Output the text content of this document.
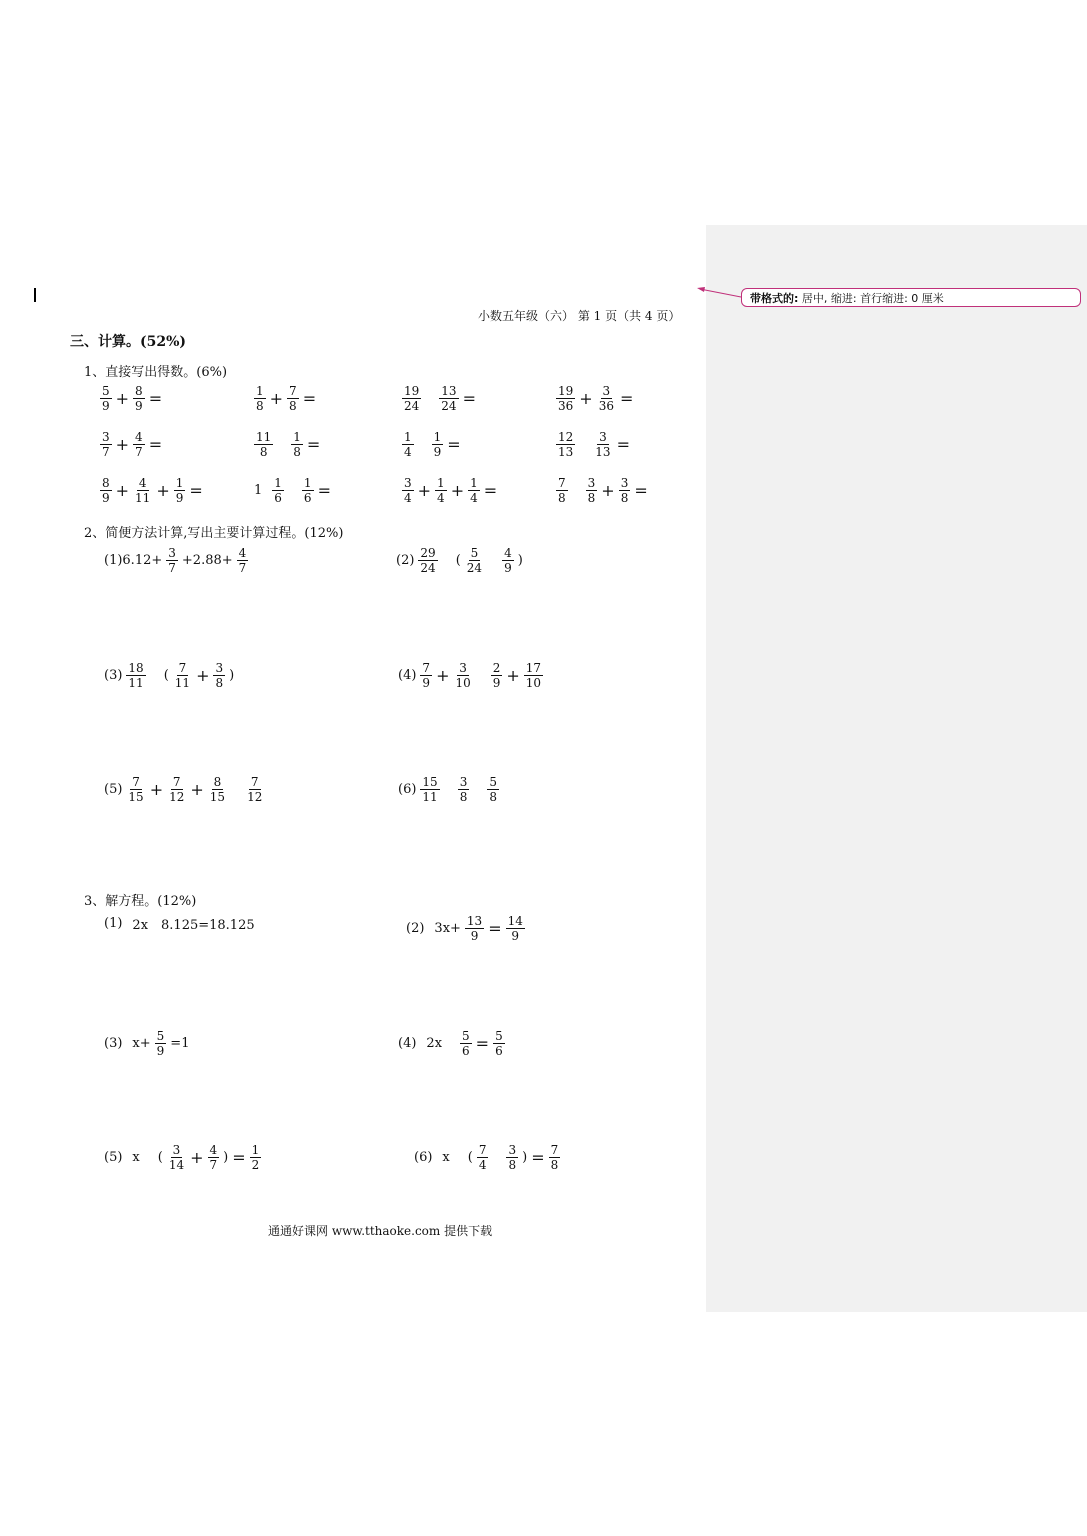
小数五年级（六） 第 1 页（共 4 页）
三、计算。(52%)
1、直接写出得数。(6%)
$\frac{5}{9} + \frac{8}{9}$ =	$\frac{1}{8} + \frac{7}{8}$ =	$\frac{19}{24} \frac{13}{24}$ =	$\frac{19}{36} + \frac{3}{36}$ =
$\frac{3}{7} + \frac{4}{7}$ =	$\frac{11}{8} \frac{1}{8}$ =	$\frac{1}{4} \frac{1}{9}$ =	$\frac{12}{13} \frac{3}{13}$ =
$\frac{8}{9} + \frac{4}{11} + \frac{1}{9}$ =	$1 \frac{1}{6} \frac{1}{6}$ =	$\frac{3}{4} + \frac{1}{4} + \frac{1}{4}$ =	$\frac{7}{8} \frac{3}{8} + \frac{3}{8}$ =
2、简便方法计算,写出主要计算过程。(12%)
$(1)6.12+ \frac{3}{7} +2.88+ \frac{4}{7}$	$(2) \frac{29}{24}$ ( $\frac{5}{24} \frac{4}{9}$ )
$(3) \frac{18}{11}$ ( $\frac{7}{11} + \frac{3}{8}$ )	$(4) \frac{7}{9} + \frac{3}{10} \frac{2}{9} + \frac{17}{10}$
$(5) \frac{7}{15} + \frac{7}{12} + \frac{8}{15} \frac{7}{12}$	$(6) \frac{15}{11} \frac{3}{8} \frac{5}{8}$
3、解方程。(12%)
(1) 2x　8.125=18.125	(2) $3x+ \frac{13}{9} = \frac{14}{9}$
(3) $x+ \frac{5}{9} =1$	(4) $2x \frac{5}{6} = \frac{5}{6}$
(5) x ( $\frac{3}{14} + \frac{4}{7}$ ) = $\frac{1}{2}$	(6) x ( $\frac{7}{4} \frac{3}{8}$ ) = $\frac{7}{8}$
通通好课网 www.tthaoke.com 提供下载
带格式的: 居中, 缩进: 首行缩进: 0 厘米
